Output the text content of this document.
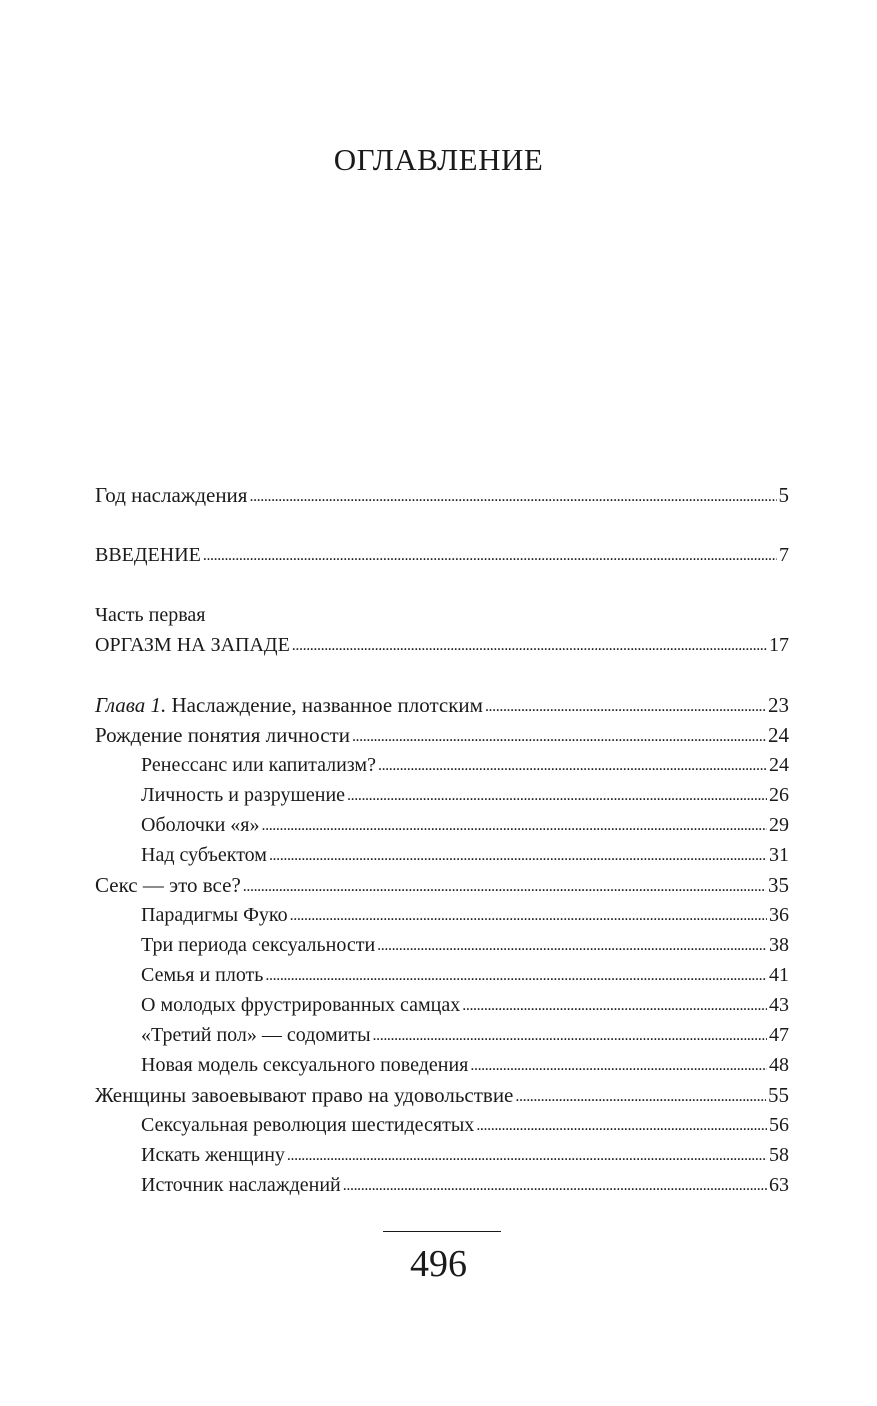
ОГЛАВЛЕНИЕ
Год наслаждения . . .	5
ВВЕДЕНИЕ . . .	7
Часть первая
ОРГАЗМ НА ЗАПАДЕ . . .	17
Глава 1. Наслаждение, названное плотским . . .	23
Рождение понятия личности . . .	24
Ренессанс или капитализм? . . .	24
Личность и разрушение . . .	26
Оболочки «я» . . .	29
Над субъектом . . .	31
Секс — это все? . . .	35
Парадигмы Фуко . . .	36
Три периода сексуальности . . .	38
Семья и плоть . . .	41
О молодых фрустрированных самцах . . .	43
«Третий пол» — содомиты . . .	47
Новая модель сексуального поведения . . .	48
Женщины завоевывают право на удовольствие . . .	55
Сексуальная революция шестидесятых . . .	56
Искать женщину . . .	58
Источник наслаждений . . .	63
496
